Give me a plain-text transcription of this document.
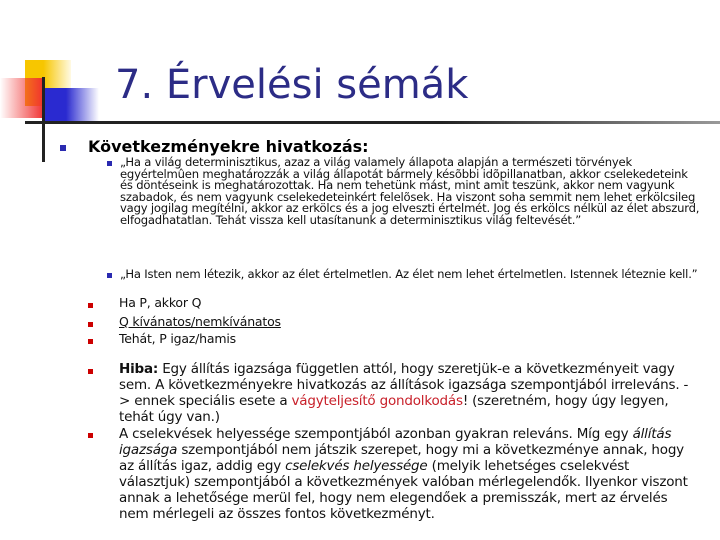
7. Érvelési sémák
Következményekre hivatkozás:
„Ha a világ determinisztikus, azaz a világ valamely állapota alapján a természeti törvények egyértelmûen meghatározzák a világ állapotát bármely késõbbi idõpillanatban, akkor cselekedeteink és döntéseink is meghatározottak. Ha nem tehetünk mást, mint amit teszünk, akkor nem vagyunk szabadok, és nem vagyunk cselekedeteinkért felelõsek. Ha viszont soha semmit nem lehet erkölcsileg vagy jogilag megítélni, akkor az erkölcs és a jog elveszti értelmét. Jog és erkölcs nélkül az élet abszurd, elfogadhatatlan. Tehát vissza kell utasítanunk a determinisztikus világ feltevését.”
„Ha Isten nem létezik, akkor az élet értelmetlen. Az élet nem lehet értelmetlen. Istennek léteznie kell.”
Ha P, akkor Q
Q kívánatos/nemkívánatos
Tehát, P igaz/hamis
Hiba: Egy állítás igazsága független attól, hogy szeretjük-e a következményeit vagy sem. A következményekre hivatkozás az állítások igazsága szempontjából irreleváns. -> ennek speciális esete a vágyteljesítő gondolkodás! (szeretném, hogy úgy legyen, tehát úgy van.)
A cselekvések helyessége szempontjából azonban gyakran releváns. Míg egy állítás igazsága szempontjából nem játszik szerepet, hogy mi a következménye annak, hogy az állítás igaz, addig egy cselekvés helyessége (melyik lehetséges cselekvést választjuk) szempontjából a következmények valóban mérlegelendők. Ilyenkor viszont annak a lehetősége merül fel, hogy nem elegendőek a premisszák, mert az érvelés nem mérlegeli az összes fontos következményt.
